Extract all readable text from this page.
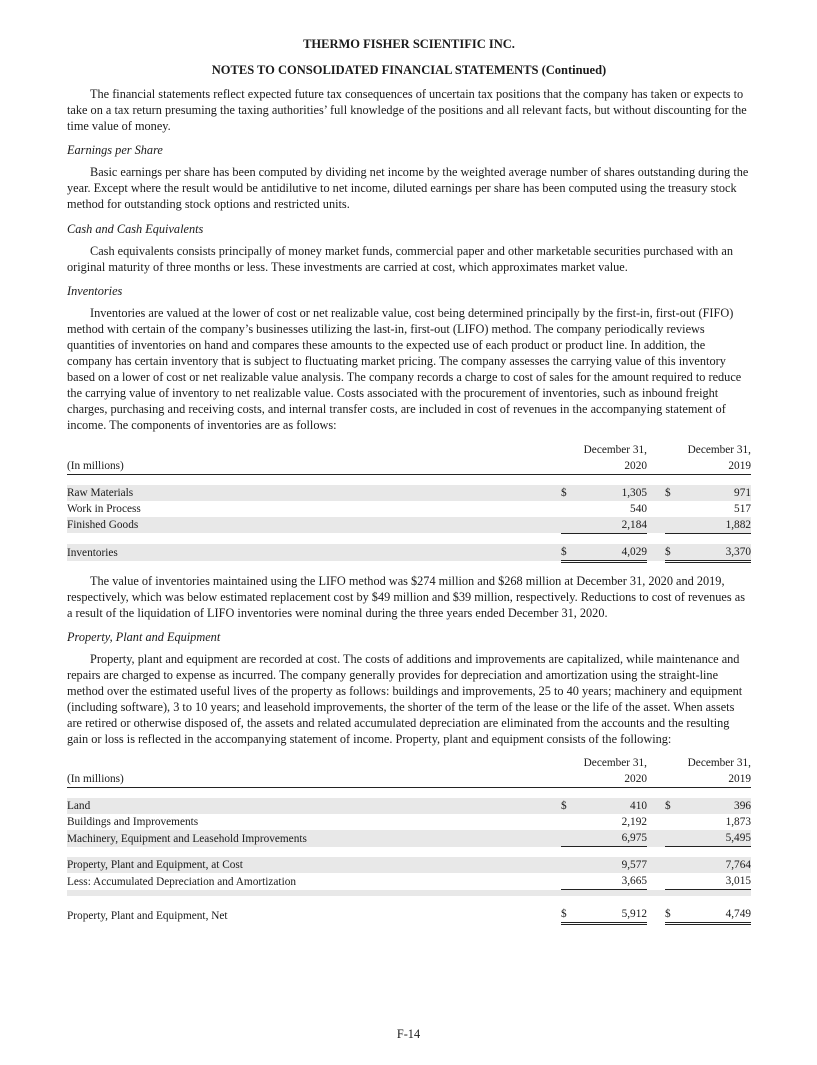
THERMO FISHER SCIENTIFIC INC.
NOTES TO CONSOLIDATED FINANCIAL STATEMENTS (Continued)

The financial statements reflect expected future tax consequences of uncertain tax positions that the company has taken or expects to take on a tax return presuming the taxing authorities’ full knowledge of the positions and all relevant facts, but without discounting for the time value of money.

Earnings per Share

Basic earnings per share has been computed by dividing net income by the weighted average number of shares outstanding during the year. Except where the result would be antidilutive to net income, diluted earnings per share has been computed using the treasury stock method for outstanding stock options and restricted units.

Cash and Cash Equivalents

Cash equivalents consists principally of money market funds, commercial paper and other marketable securities purchased with an original maturity of three months or less. These investments are carried at cost, which approximates market value.

Inventories

Inventories are valued at the lower of cost or net realizable value, cost being determined principally by the first-in, first-out (FIFO) method with certain of the company’s businesses utilizing the last-in, first-out (LIFO) method. The company periodically reviews quantities of inventories on hand and compares these amounts to the expected use of each product or product line. In addition, the company has certain inventory that is subject to fluctuating market pricing. The company assesses the carrying value of this inventory based on a lower of cost or net realizable value analysis. The company records a charge to cost of sales for the amount required to reduce the carrying value of inventory to net realizable value. Costs associated with the procurement of inventories, such as inbound freight charges, purchasing and receiving costs, and internal transfer costs, are included in cost of revenues in the accompanying statement of income. The components of inventories are as follows:

		December 31,			December 31,
(In millions)		2020			2019

Raw Materials	$	1,305		$	971
Work in Process		540			517
Finished Goods		2,184			1,882

Inventories	$	4,029		$	3,370

The value of inventories maintained using the LIFO method was $274 million and $268 million at December 31, 2020 and 2019, respectively, which was below estimated replacement cost by $49 million and $39 million, respectively. Reductions to cost of revenues as a result of the liquidation of LIFO inventories were nominal during the three years ended December 31, 2020.

Property, Plant and Equipment

Property, plant and equipment are recorded at cost. The costs of additions and improvements are capitalized, while maintenance and repairs are charged to expense as incurred. The company generally provides for depreciation and amortization using the straight-line method over the estimated useful lives of the property as follows: buildings and improvements, 25 to 40 years; machinery and equipment (including software), 3 to 10 years; and leasehold improvements, the shorter of the term of the lease or the life of the asset. When assets are retired or otherwise disposed of, the assets and related accumulated depreciation are eliminated from the accounts and the resulting gain or loss is reflected in the accompanying statement of income. Property, plant and equipment consists of the following:

		December 31,			December 31,
(In millions)		2020			2019

Land	$	410		$	396
Buildings and Improvements		2,192			1,873
Machinery, Equipment and Leasehold Improvements		6,975			5,495

Property, Plant and Equipment, at Cost		9,577			7,764
Less: Accumulated Depreciation and Amortization		3,665			3,015

Property, Plant and Equipment, Net	$	5,912		$	4,749
F-14
